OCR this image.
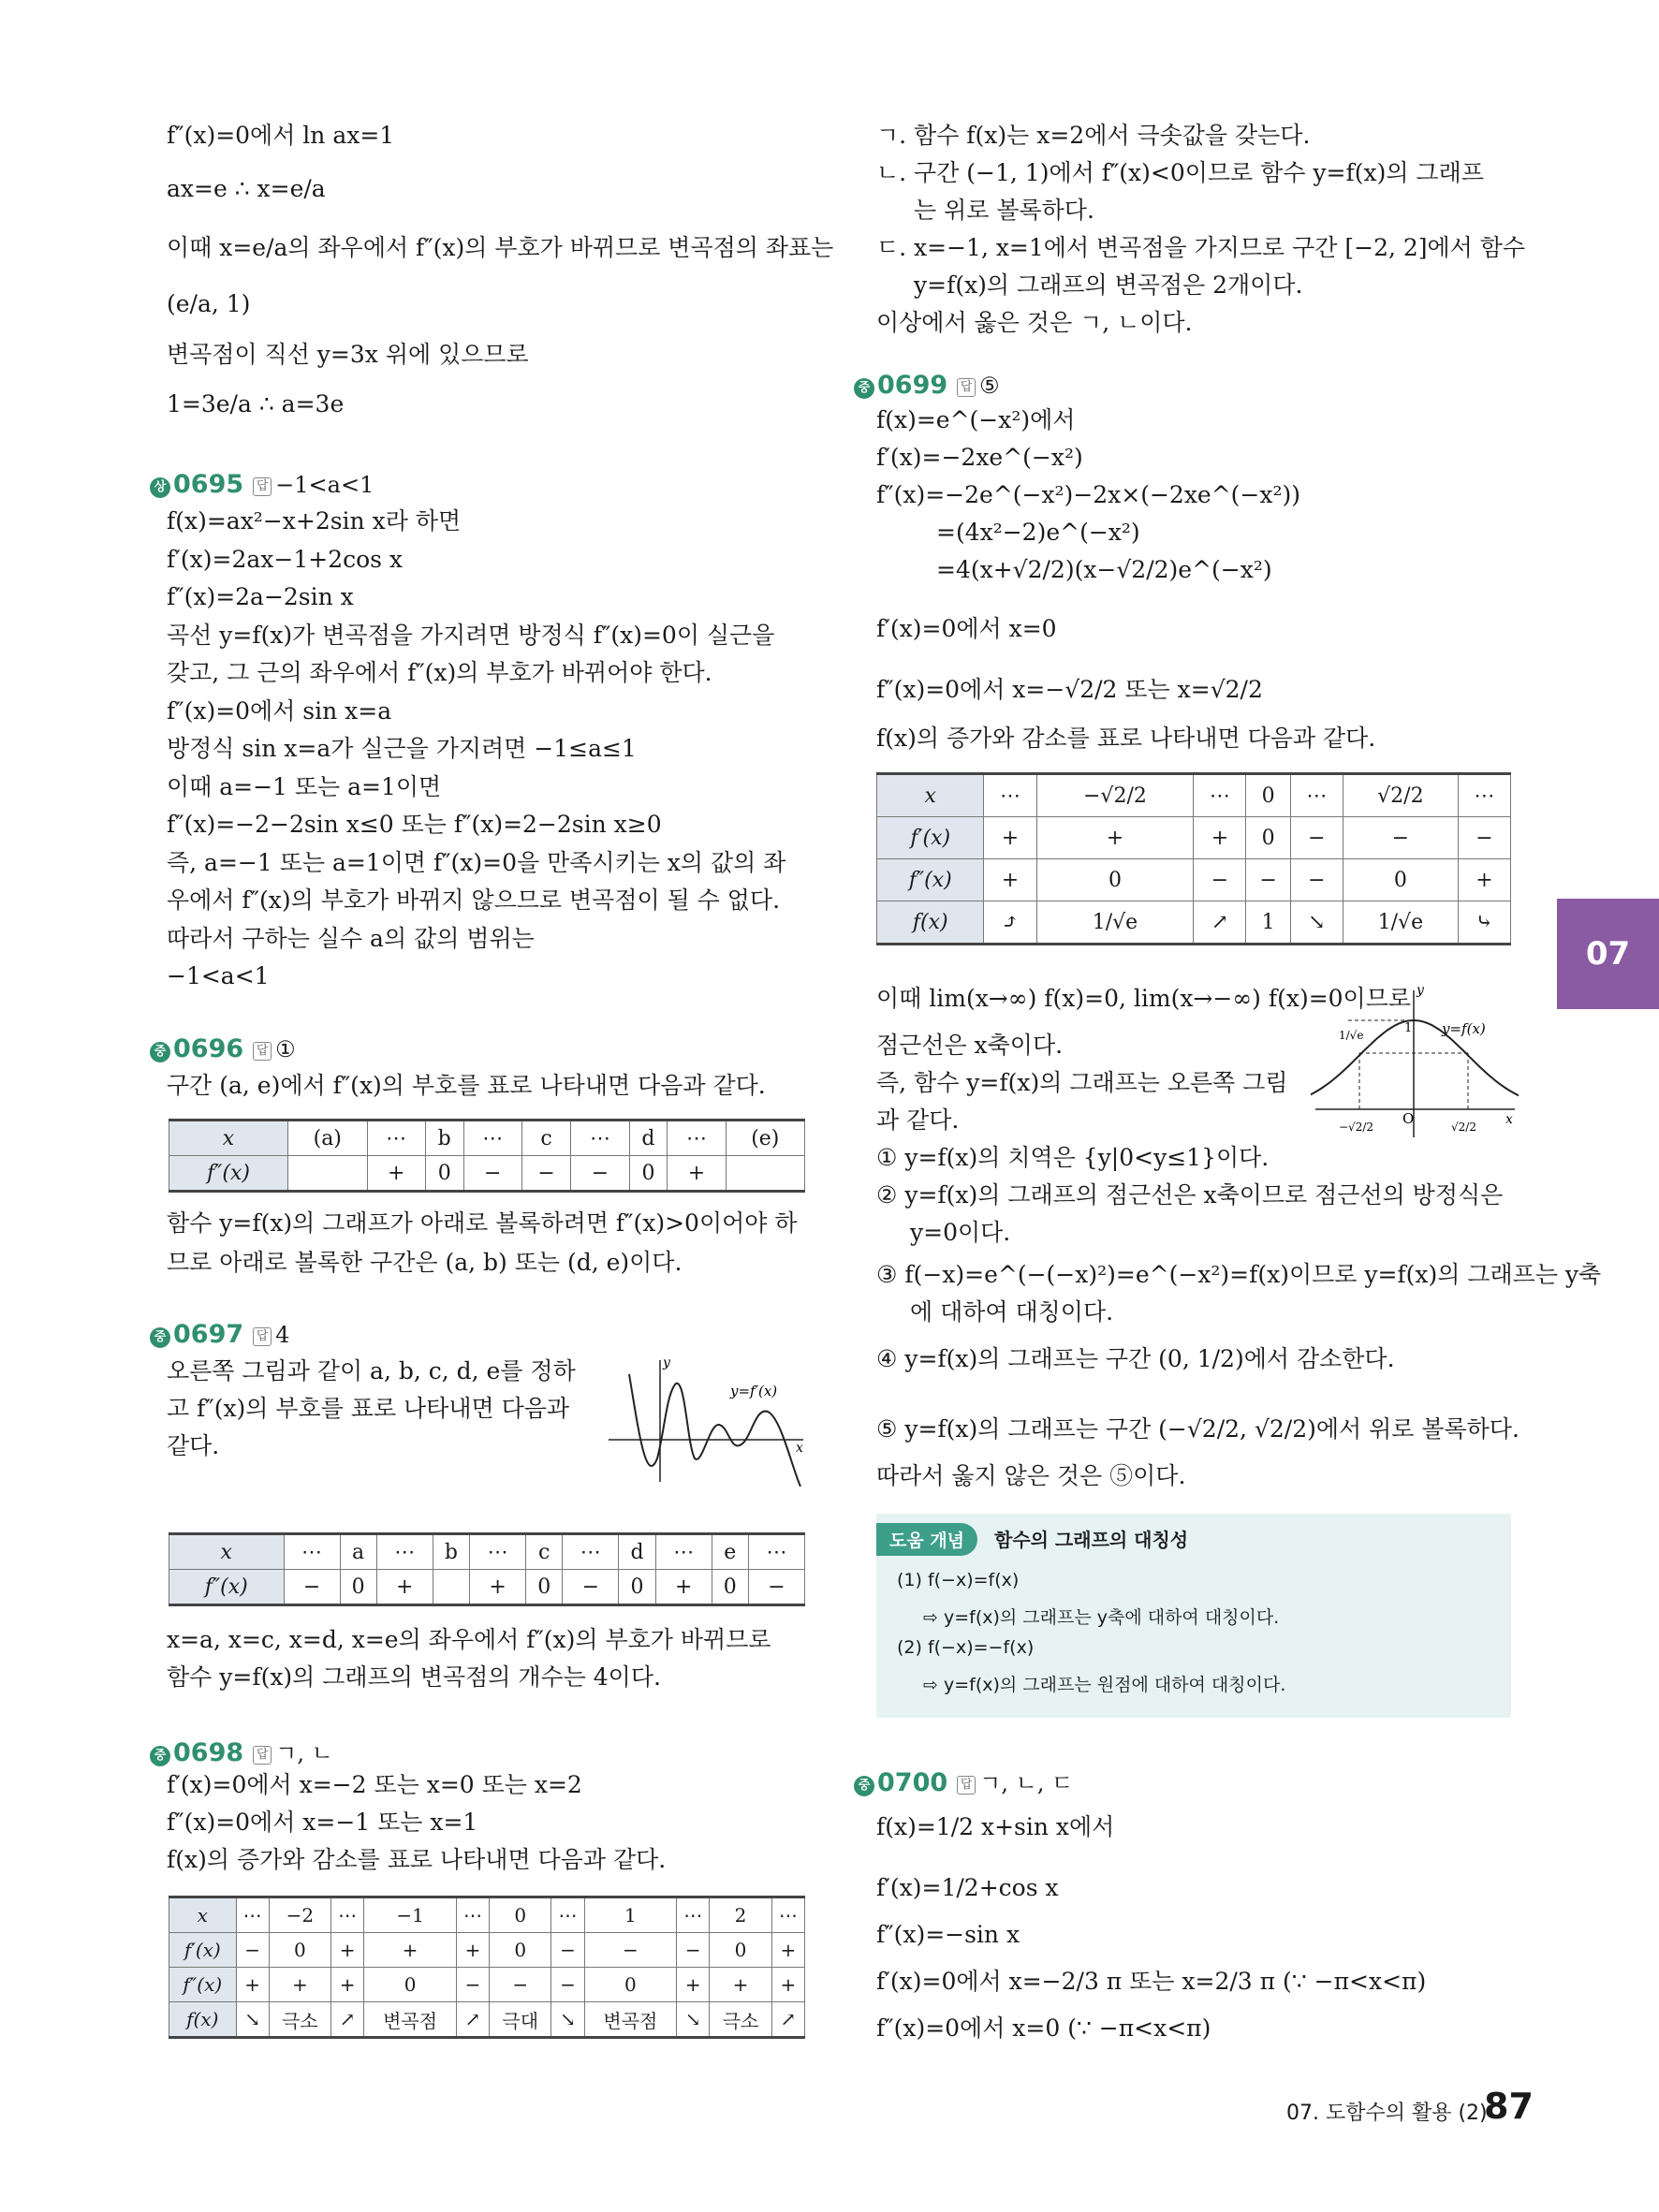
f″(x)=0에서 ln ax=1
ax=e ∴ x=e/a
이때 x=e/a의 좌우에서 f″(x)의 부호가 바뀌므로 변곡점의 좌표는
(e/a, 1)
변곡점이 직선 y=3x 위에 있으므로
1=3e/a ∴ a=3e
상 0695 답 −1<a<1
f(x)=ax²−x+2sin x라 하면
f′(x)=2ax−1+2cos x
f″(x)=2a−2sin x
곡선 y=f(x)가 변곡점을 가지려면 방정식 f″(x)=0이 실근을
갖고, 그 근의 좌우에서 f″(x)의 부호가 바뀌어야 한다.
f″(x)=0에서 sin x=a
방정식 sin x=a가 실근을 가지려면 −1≤a≤1
이때 a=−1 또는 a=1이면
f″(x)=−2−2sin x≤0 또는 f″(x)=2−2sin x≥0
즉, a=−1 또는 a=1이면 f″(x)=0을 만족시키는 x의 값의 좌
우에서 f″(x)의 부호가 바뀌지 않으므로 변곡점이 될 수 없다.
따라서 구하는 실수 a의 값의 범위는
−1<a<1
중 0696 답 ①
구간 (a, e)에서 f″(x)의 부호를 표로 나타내면 다음과 같다.
x	(a)	⋯	b	⋯	c	⋯	d	⋯	(e)
f″(x)		+	0	−	−	−	0	+	
함수 y=f(x)의 그래프가 아래로 볼록하려면 f″(x)>0이어야 하
므로 아래로 볼록한 구간은 (a, b) 또는 (d, e)이다.
중 0697 답 4
오른쪽 그림과 같이 a, b, c, d, e를 정하
고 f″(x)의 부호를 표로 나타내면 다음과
같다.
y
x
y=f′(x)
x	⋯	a	⋯	b	⋯	c	⋯	d	⋯	e	⋯
f″(x)	−	0	+		+	0	−	0	+	0	−
x=a, x=c, x=d, x=e의 좌우에서 f″(x)의 부호가 바뀌므로
함수 y=f(x)의 그래프의 변곡점의 개수는 4이다.
중 0698 답 ㄱ, ㄴ
f′(x)=0에서 x=−2 또는 x=0 또는 x=2
f″(x)=0에서 x=−1 또는 x=1
f(x)의 증가와 감소를 표로 나타내면 다음과 같다.
x	⋯	−2	⋯	−1	⋯	0	⋯	1	⋯	2	⋯
f′(x)	−	0	+	+	+	0	−	−	−	0	+
f″(x)	+	+	+	0	−	−	−	0	+	+	+
f(x)	↘	극소	↗	변곡점	↗	극대	↘	변곡점	↘	극소	↗
ㄱ. 함수 f(x)는 x=2에서 극솟값을 갖는다.
ㄴ. 구간 (−1, 1)에서 f″(x)<0이므로 함수 y=f(x)의 그래프
는 위로 볼록하다.
ㄷ. x=−1, x=1에서 변곡점을 가지므로 구간 [−2, 2]에서 함수
y=f(x)의 그래프의 변곡점은 2개이다.
이상에서 옳은 것은 ㄱ, ㄴ이다.
중 0699 답 ⑤
f(x)=e^(−x²)에서
f′(x)=−2xe^(−x²)
f″(x)=−2e^(−x²)−2x×(−2xe^(−x²))
=(4x²−2)e^(−x²)
=4(x+√2/2)(x−√2/2)e^(−x²)
f′(x)=0에서 x=0
f″(x)=0에서 x=−√2/2 또는 x=√2/2
f(x)의 증가와 감소를 표로 나타내면 다음과 같다.
x	⋯	−√2/2	⋯	0	⋯	√2/2	⋯
f′(x)	+	+	+	0	−	−	−
f″(x)	+	0	−	−	−	0	+
f(x)	⤴	1/√e	↗	1	↘	1/√e	⤷
이때 lim(x→∞) f(x)=0, lim(x→−∞) f(x)=0이므로
점근선은 x축이다.
즉, 함수 y=f(x)의 그래프는 오른쪽 그림
과 같다.
① y=f(x)의 치역은 {y|0<y≤1}이다.
② y=f(x)의 그래프의 점근선은 x축이므로 점근선의 방정식은
y=0이다.
③ f(−x)=e^(−(−x)²)=e^(−x²)=f(x)이므로 y=f(x)의 그래프는 y축
에 대하여 대칭이다.
④ y=f(x)의 그래프는 구간 (0, 1/2)에서 감소한다.
⑤ y=f(x)의 그래프는 구간 (−√2/2, √2/2)에서 위로 볼록하다.
따라서 옳지 않은 것은 ⑤이다.
y
x
O
1
1/√e
−√2/2	√2/2
y=f(x)
도움 개념	함수의 그래프의 대칭성
(1) f(−x)=f(x)
⇨ y=f(x)의 그래프는 y축에 대하여 대칭이다.
(2) f(−x)=−f(x)
⇨ y=f(x)의 그래프는 원점에 대하여 대칭이다.
중 0700 답 ㄱ, ㄴ, ㄷ
f(x)=1/2 x+sin x에서
f′(x)=1/2+cos x
f″(x)=−sin x
f′(x)=0에서 x=−2/3 π 또는 x=2/3 π (∵ −π<x<π)
f″(x)=0에서 x=0 (∵ −π<x<π)
07
07. 도함수의 활용 (2)
87
